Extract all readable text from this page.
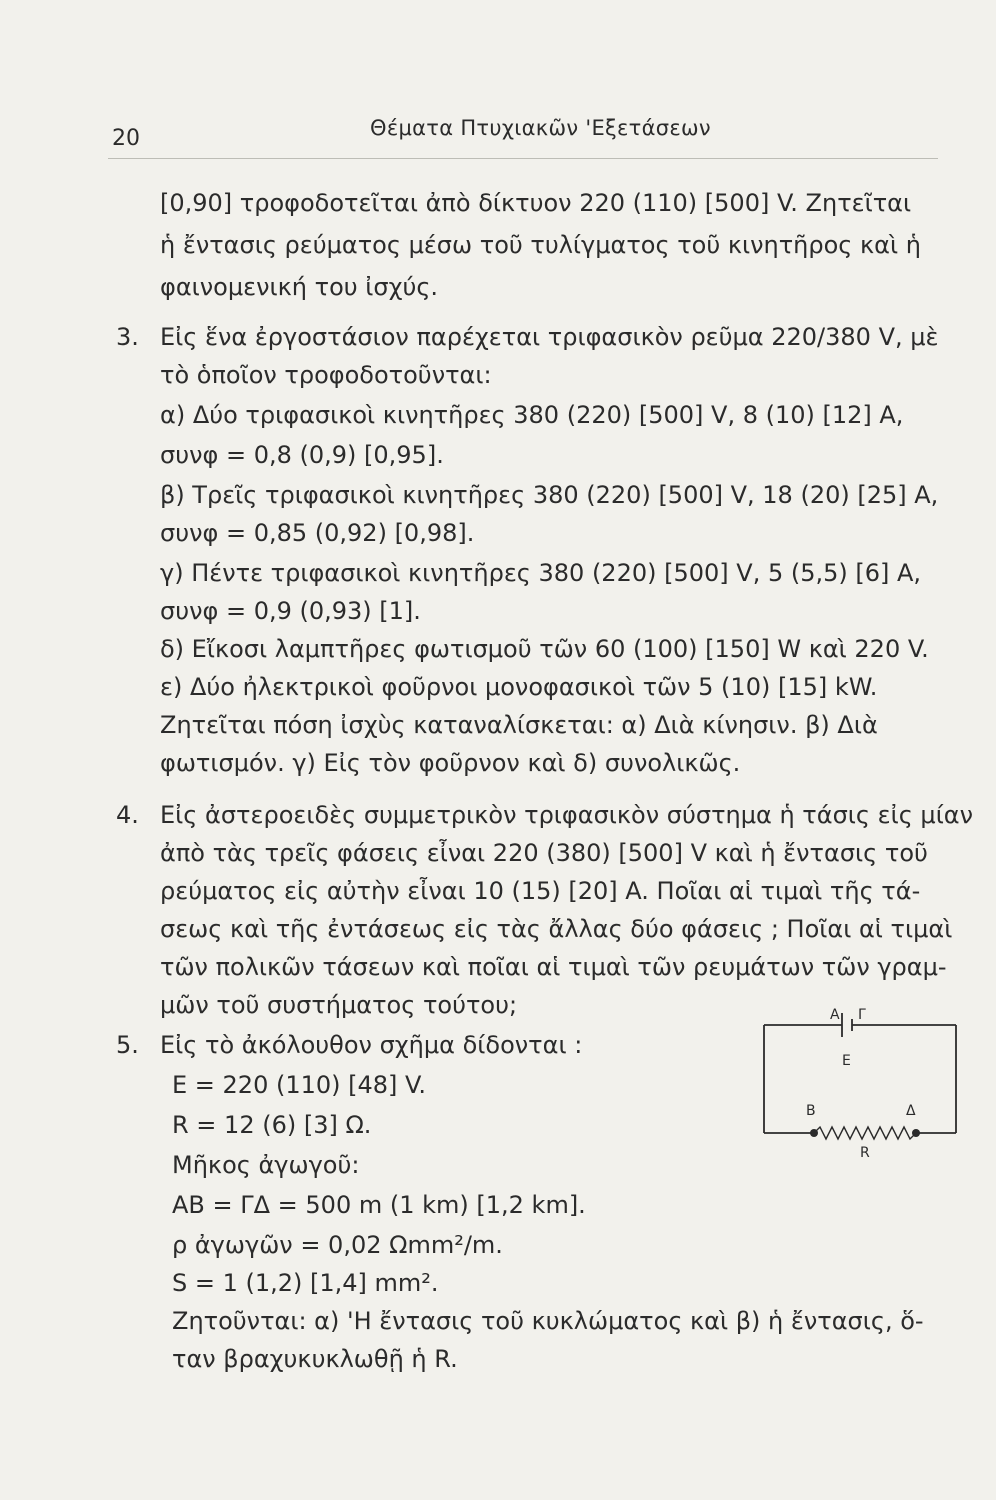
20	Θέματα Πτυχιακῶν 'Εξετάσεων
[0,90] τροφοδοτεῖται ἀπὸ δίκτυον 220 (110) [500] V. Ζητεῖται
ἡ ἔντασις ρεύματος μέσω τοῦ τυλίγματος τοῦ κινητῆρος καὶ ἡ
φαινομενική του ἰσχύς.
3. Εἰς ἕνα ἐργοστάσιον παρέχεται τριφασικὸν ρεῦμα 220/380 V, μὲ
τὸ ὁποῖον τροφοδοτοῦνται:
α) Δύο τριφασικοὶ κινητῆρες 380 (220) [500] V, 8 (10) [12] A,
συνφ = 0,8 (0,9) [0,95].
β) Τρεῖς τριφασικοὶ κινητῆρες 380 (220) [500] V, 18 (20) [25] A,
συνφ = 0,85 (0,92) [0,98].
γ) Πέντε τριφασικοὶ κινητῆρες 380 (220) [500] V, 5 (5,5) [6] A,
συνφ = 0,9 (0,93) [1].
δ) Εἴκοσι λαμπτῆρες φωτισμοῦ τῶν 60 (100) [150] W καὶ 220 V.
ε) Δύο ἠλεκτρικοὶ φοῦρνοι μονοφασικοὶ τῶν 5 (10) [15] kW.
Ζητεῖται πόση ἰσχὺς καταναλίσκεται: α) Διὰ κίνησιν. β) Διὰ
φωτισμόν. γ) Εἰς τὸν φοῦρνον καὶ δ) συνολικῶς.
4. Εἰς ἀστεροειδὲς συμμετρικὸν τριφασικὸν σύστημα ἡ τάσις εἰς μίαν
ἀπὸ τὰς τρεῖς φάσεις εἶναι 220 (380) [500] V καὶ ἡ ἔντασις τοῦ
ρεύματος εἰς αὐτὴν εἶναι 10 (15) [20] A. Ποῖαι αἱ τιμαὶ τῆς τά-
σεως καὶ τῆς ἐντάσεως εἰς τὰς ἄλλας δύο φάσεις ; Ποῖαι αἱ τιμαὶ
τῶν πολικῶν τάσεων καὶ ποῖαι αἱ τιμαὶ τῶν ρευμάτων τῶν γραμ-
μῶν τοῦ συστήματος τούτου;
5. Εἰς τὸ ἀκόλουθον σχῆμα δίδονται :
E = 220 (110) [48] V.
R = 12 (6) [3] Ω.
Μῆκος ἀγωγοῦ:
AB = ΓΔ = 500 m (1 km) [1,2 km].
ρ ἀγωγῶν = 0,02 Ωmm²/m.
S = 1 (1,2) [1,4] mm².
Ζητοῦνται: α) 'Η ἔντασις τοῦ κυκλώματος καὶ β) ἡ ἔντασις, ὅ-
ταν βραχυκυκλωθῇ ἡ R.
A Γ
E
B	Δ
R
